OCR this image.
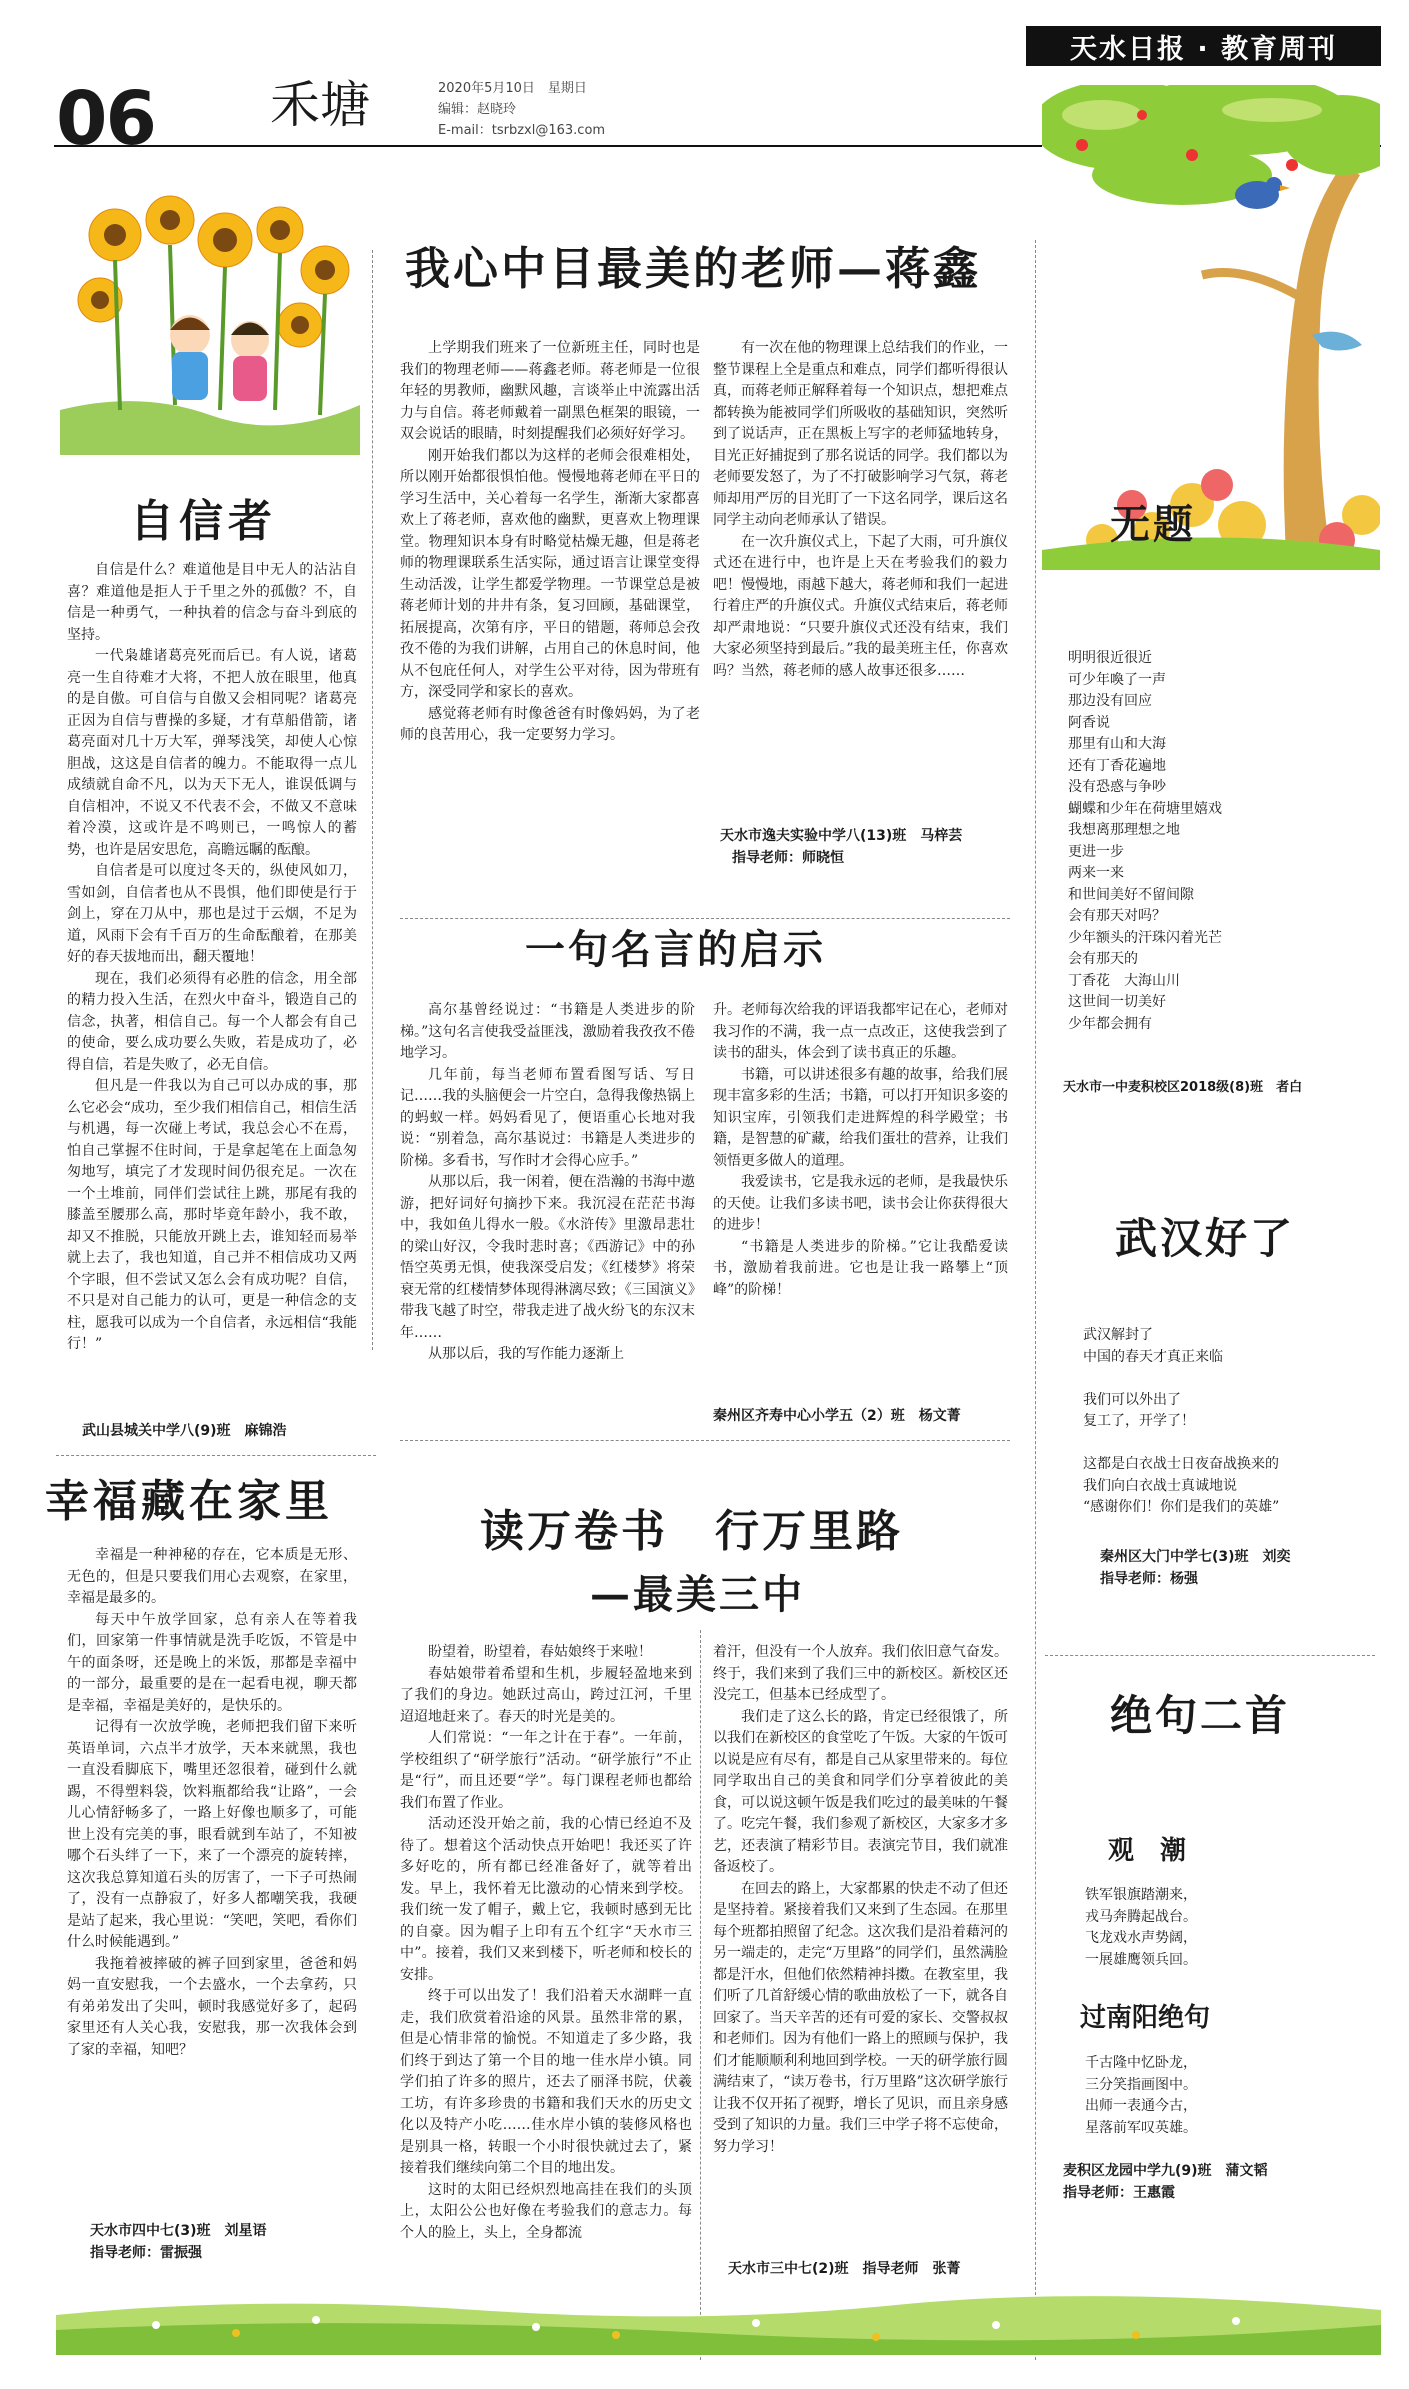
天水日报 · 教育周刊
06 禾塘	2020年5月10日　星期日
编辑：赵晓玲
E-mail：tsrbzxl@163.com
我心中目最美的老师—蒋鑫

上学期我们班来了一位新班主任，同时也是我们的物理老师——蒋鑫老师。蒋老师是一位很年轻的男教师，幽默风趣，言谈举止中流露出活力与自信。蒋老师戴着一副黑色框架的眼镜，一双会说话的眼睛，时刻提醒我们必须好好学习。

刚开始我们都以为这样的老师会很难相处，所以刚开始都很惧怕他。慢慢地蒋老师在平日的学习生活中，关心着每一名学生，渐渐大家都喜欢上了蒋老师，喜欢他的幽默，更喜欢上物理课堂。物理知识本身有时略觉枯燥无趣，但是蒋老师的物理课联系生活实际，通过语言让课堂变得生动活泼，让学生都爱学物理。一节课堂总是被蒋老师计划的井井有条，复习回顾，基础课堂，拓展提高，次第有序，平日的错题，蒋师总会孜孜不倦的为我们讲解，占用自己的休息时间，他从不包庇任何人，对学生公平对待，因为带班有方，深受同学和家长的喜欢。

感觉蒋老师有时像爸爸有时像妈妈，为了老师的良苦用心，我一定要努力学习。

有一次在他的物理课上总结我们的作业，一整节课程上全是重点和难点，同学们都听得很认真，而蒋老师正解释着每一个知识点，想把难点都转换为能被同学们所吸收的基础知识，突然听到了说话声，正在黑板上写字的老师猛地转身，目光正好捕捉到了那名说话的同学。我们都以为老师要发怒了，为了不打破影响学习气氛，蒋老师却用严厉的目光盯了一下这名同学，课后这名同学主动向老师承认了错误。

在一次升旗仪式上，下起了大雨，可升旗仪式还在进行中，也许是上天在考验我们的毅力吧！慢慢地，雨越下越大，蒋老师和我们一起进行着庄严的升旗仪式。升旗仪式结束后，蒋老师却严肃地说：“只要升旗仪式还没有结束，我们大家必须坚持到最后。”我的最美班主任，你喜欢吗？当然，蒋老师的感人故事还很多……

天水市逸夫实验中学八(13)班　马梓芸
指导老师：师晓恒
自信者

自信是什么？难道他是目中无人的沾沾自喜？难道他是拒人于千里之外的孤傲？不，自信是一种勇气，一种执着的信念与奋斗到底的坚持。

一代枭雄诸葛亮死而后已。有人说，诸葛亮一生自待难才大将，不把人放在眼里，他真的是自傲。可自信与自傲又会相同呢？诸葛亮正因为自信与曹操的多疑，才有草船借箭，诸葛亮面对几十万大军，弹琴浅笑，却使人心惊胆战，这这是自信者的魄力。不能取得一点儿成绩就自命不凡，以为天下无人，谁误低调与自信相冲，不说又不代表不会，不做又不意味着冷漠，这或许是不鸣则已，一鸣惊人的蓄势，也许是居安思危，高瞻远瞩的酝酿。

自信者是可以度过冬天的，纵使风如刀，雪如剑，自信者也从不畏惧，他们即使是行于剑上，穿在刀从中，那也是过于云烟，不足为道，风雨下会有千百万的生命酝酿着，在那美好的春天拔地而出，翻天覆地！

现在，我们必须得有必胜的信念，用全部的精力投入生活，在烈火中奋斗，锻造自己的信念，执著，相信自己。每一个人都会有自己的使命，要么成功要么失败，若是成功了，必得自信，若是失败了，必无自信。

但凡是一件我以为自己可以办成的事，那么它必会“成功，至少我们相信自己，相信生活与机遇，每一次碰上考试，我总会心不在焉，怕自己掌握不住时间，于是拿起笔在上面急匆匆地写，填完了才发现时间仍很充足。一次在一个土堆前，同伴们尝试往上跳，那尾有我的膝盖至腰那么高，那时毕竟年龄小，我不敢，却又不推脱，只能放开跳上去，谁知轻而易举就上去了，我也知道，自己并不相信成功又两个字眼，但不尝试又怎么会有成功呢？自信，不只是对自己能力的认可，更是一种信念的支柱，愿我可以成为一个自信者，永远相信“我能行！”

武山县城关中学八(9)班　麻锦浩
一句名言的启示

高尔基曾经说过：“书籍是人类进步的阶梯。”这句名言使我受益匪浅，激励着我孜孜不倦地学习。

几年前，每当老师布置看图写话、写日记……我的头脑便会一片空白，急得我像热锅上的蚂蚁一样。妈妈看见了，便语重心长地对我说：“别着急，高尔基说过：书籍是人类进步的阶梯。多看书，写作时才会得心应手。”

从那以后，我一闲着，便在浩瀚的书海中遨游，把好词好句摘抄下来。我沉浸在茫茫书海中，我如鱼儿得水一般。《水浒传》里激昂悲壮的梁山好汉，令我时悲时喜；《西游记》中的孙悟空英勇无惧，使我深受启发；《红楼梦》将荣衰无常的红楼情梦体现得淋漓尽致；《三国演义》带我飞越了时空，带我走进了战火纷飞的东汉末年……

从那以后，我的写作能力逐渐上

升。老师每次给我的评语我都牢记在心，老师对我习作的不满，我一点一点改正，这使我尝到了读书的甜头，体会到了读书真正的乐趣。

书籍，可以讲述很多有趣的故事，给我们展现丰富多彩的生活；书籍，可以打开知识多姿的知识宝库，引领我们走进辉煌的科学殿堂；书籍，是智慧的矿藏，给我们蛋壮的营养，让我们领悟更多做人的道理。

我爱读书，它是我永远的老师，是我最快乐的天使。让我们多读书吧，读书会让你获得很大的进步！

“书籍是人类进步的阶梯。”它让我酷爱读书，激励着我前进。它也是让我一路攀上“顶峰”的阶梯！

秦州区齐寿中心小学五（2）班　杨文菁
幸福藏在家里

幸福是一种神秘的存在，它本质是无形、无色的，但是只要我们用心去观察，在家里，幸福是最多的。

每天中午放学回家，总有亲人在等着我们，回家第一件事情就是洗手吃饭，不管是中午的面条呀，还是晚上的米饭，那都是幸福中的一部分，最重要的是在一起看电视，聊天都是幸福，幸福是美好的，是快乐的。

记得有一次放学晚，老师把我们留下来听英语单词，六点半才放学，天本来就黑，我也一直没看脚底下，嘴里还忽很着，碰到什么就踢，不得塑料袋，饮料瓶都给我“让路”，一会儿心情舒畅多了，一路上好像也顺多了，可能世上没有完美的事，眼看就到车站了，不知被哪个石头绊了一下，来了一个漂亮的旋转摔，这次我总算知道石头的厉害了，一下子可热闹了，没有一点静寂了，好多人都嘲笑我，我硬是站了起来，我心里说：“笑吧，笑吧，看你们什么时候能遇到。”

我拖着被摔破的裤子回到家里，爸爸和妈妈一直安慰我，一个去盛水，一个去拿药，只有弟弟发出了尖叫，顿时我感觉好多了，起码家里还有人关心我，安慰我，那一次我体会到了家的幸福，知吧？

天水市四中七(3)班　刘星语
指导老师：雷振强
读万卷书　行万里路
—最美三中

盼望着，盼望着，春姑娘终于来啦！

春姑娘带着希望和生机，步履轻盈地来到了我们的身边。她跃过高山，跨过江河，千里迢迢地赶来了。春天的时光是美的。

人们常说：“一年之计在于春”。一年前，学校组织了“研学旅行”活动。“研学旅行”不止是“行”，而且还要“学”。每门课程老师也都给我们布置了作业。

活动还没开始之前，我的心情已经迫不及待了。想着这个活动快点开始吧！我还买了许多好吃的，所有都已经准备好了，就等着出发。早上，我怀着无比激动的心情来到学校。我们统一发了帽子，戴上它，我顿时感到无比的自豪。因为帽子上印有五个红字“天水市三中”。接着，我们又来到楼下，听老师和校长的安排。

终于可以出发了！我们沿着天水湖畔一直走，我们欣赏着沿途的风景。虽然非常的累，但是心情非常的愉悦。不知道走了多少路，我们终于到达了第一个目的地一佳水岸小镇。同学们拍了许多的照片，还去了丽泽书院，伏羲工坊，有许多珍贵的书籍和我们天水的历史文化以及特产小吃……佳水岸小镇的装修风格也是别具一格，转眼一个小时很快就过去了，紧接着我们继续向第二个目的地出发。

这时的太阳已经炽烈地高挂在我们的头顶上，太阳公公也好像在考验我们的意志力。每个人的脸上，头上，全身都流

着汗，但没有一个人放弃。我们依旧意气奋发。终于，我们来到了我们三中的新校区。新校区还没完工，但基本已经成型了。

我们走了这么长的路，肯定已经很饿了，所以我们在新校区的食堂吃了午饭。大家的午饭可以说是应有尽有，都是自己从家里带来的。每位同学取出自己的美食和同学们分享着彼此的美食，可以说这顿午饭是我们吃过的最美味的午餐了。吃完午餐，我们参观了新校区，大家多才多艺，还表演了精彩节目。表演完节目，我们就准备返校了。

在回去的路上，大家都累的快走不动了但还是坚持着。紧接着我们又来到了生态园。在那里每个班都拍照留了纪念。这次我们是沿着藉河的另一端走的，走完“万里路”的同学们，虽然满脸都是汗水，但他们依然精神抖擞。在教室里，我们听了几首舒缓心情的歌曲放松了一下，就各自回家了。当天辛苦的还有可爱的家长、交警叔叔和老师们。因为有他们一路上的照顾与保护，我们才能顺顺利利地回到学校。一天的研学旅行圆满结束了，“读万卷书，行万里路”这次研学旅行让我不仅开拓了视野，增长了见识，而且亲身感受到了知识的力量。我们三中学子将不忘使命，努力学习！

天水市三中七(2)班　指导老师　张菁
无题
明明很近很近
可少年喚了一声
那边没有回应
阿香说
那里有山和大海
还有丁香花遍地
没有恐惑与争吵
蝴蝶和少年在荷塘里嬉戏
我想离那理想之地
更进一步
两来一来
和世间美好不留间隙
会有那天对吗？
少年额头的汗珠闪着光芒
会有那天的
丁香花　大海山川
这世间一切美好
少年都会拥有
天水市一中麦积校区2018级(8)班　者白
武汉好了
武汉解封了
中国的春天才真正来临
我们可以外出了
复工了，开学了！
这都是白衣战士日夜奋战换来的
我们向白衣战士真诚地说
“感谢你们！你们是我们的英雄”
秦州区大门中学七(3)班　刘奕
指导老师：杨强
绝句二首
观　潮
铁军银旗踏潮来，
戎马奔腾起战台。
飞龙戏水声势阔，
一展雄鹰领兵回。
过南阳绝句
千古隆中忆卧龙，
三分笑指画图中。
出师一表通今古，
星落前军叹英雄。
麦积区龙园中学九(9)班　蒲文韬
指导老师：王惠霞
